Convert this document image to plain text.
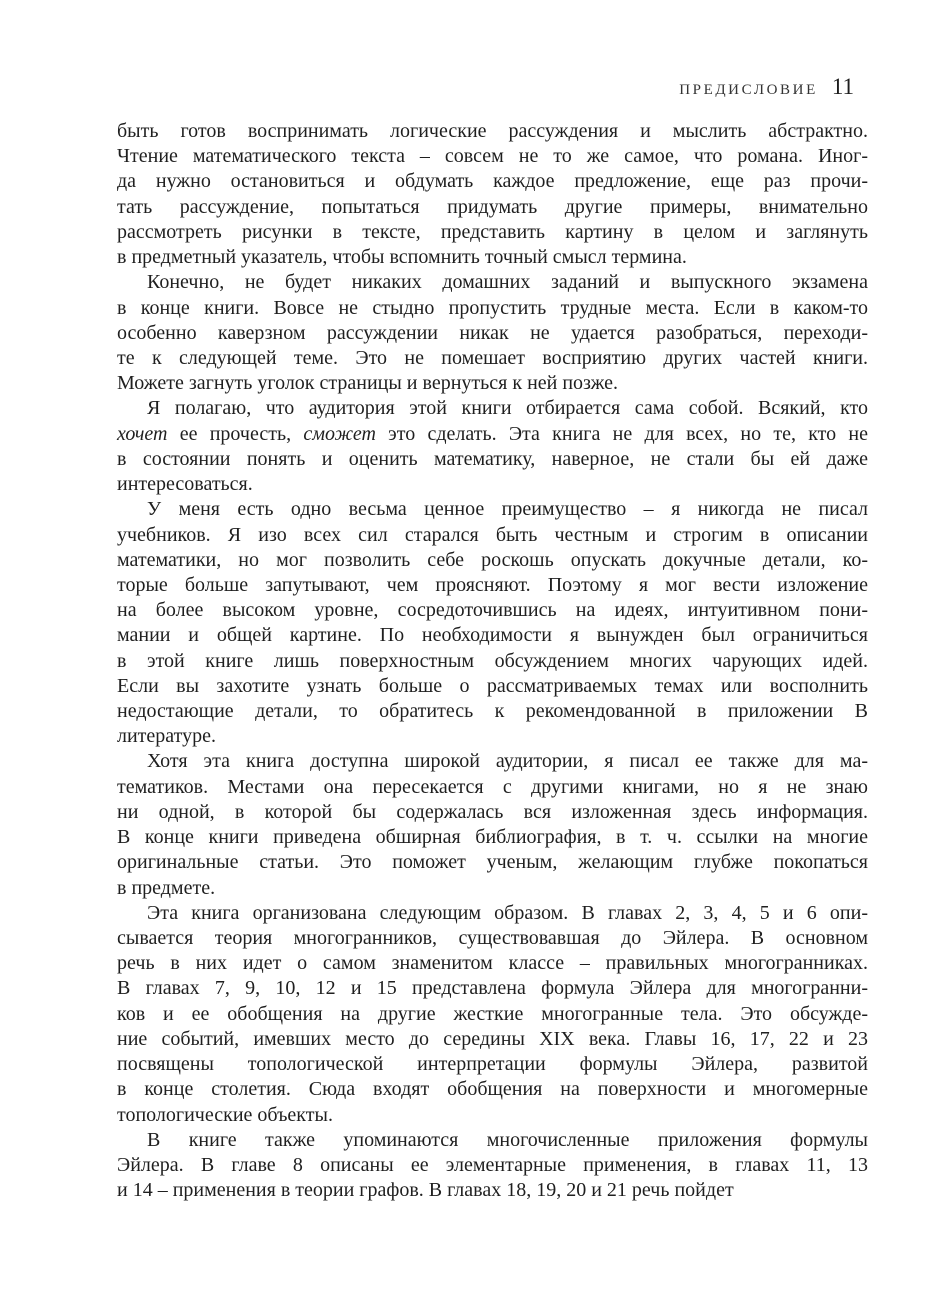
ПРЕДИСЛОВИЕ 11
быть готов воспринимать логические рассуждения и мыслить абстрактно.
Чтение математического текста – совсем не то же самое, что романа. Иног-
да нужно остановиться и обдумать каждое предложение, еще раз прочи-
тать рассуждение, попытаться придумать другие примеры, внимательно
рассмотреть рисунки в тексте, представить картину в целом и заглянуть
в предметный указатель, чтобы вспомнить точный смысл термина.
Конечно, не будет никаких домашних заданий и выпускного экзамена
в конце книги. Вовсе не стыдно пропустить трудные места. Если в каком-то
особенно каверзном рассуждении никак не удается разобраться, переходи-
те к следующей теме. Это не помешает восприятию других частей книги.
Можете загнуть уголок страницы и вернуться к ней позже.
Я полагаю, что аудитория этой книги отбирается сама собой. Всякий, кто
хочет ее прочесть, сможет это сделать. Эта книга не для всех, но те, кто не
в состоянии понять и оценить математику, наверное, не стали бы ей даже
интересоваться.
У меня есть одно весьма ценное преимущество – я никогда не писал
учебников. Я изо всех сил старался быть честным и строгим в описании
математики, но мог позволить себе роскошь опускать докучные детали, ко-
торые больше запутывают, чем проясняют. Поэтому я мог вести изложение
на более высоком уровне, сосредоточившись на идеях, интуитивном пони-
мании и общей картине. По необходимости я вынужден был ограничиться
в этой книге лишь поверхностным обсуждением многих чарующих идей.
Если вы захотите узнать больше о рассматриваемых темах или восполнить
недостающие детали, то обратитесь к рекомендованной в приложении В
литературе.
Хотя эта книга доступна широкой аудитории, я писал ее также для ма-
тематиков. Местами она пересекается с другими книгами, но я не знаю
ни одной, в которой бы содержалась вся изложенная здесь информация.
В конце книги приведена обширная библиография, в т. ч. ссылки на многие
оригинальные статьи. Это поможет ученым, желающим глубже покопаться
в предмете.
Эта книга организована следующим образом. В главах 2, 3, 4, 5 и 6 опи-
сывается теория многогранников, существовавшая до Эйлера. В основном
речь в них идет о самом знаменитом классе – правильных многогранниках.
В главах 7, 9, 10, 12 и 15 представлена формула Эйлера для многогранни-
ков и ее обобщения на другие жесткие многогранные тела. Это обсужде-
ние событий, имевших место до середины XIX века. Главы 16, 17, 22 и 23
посвящены топологической интерпретации формулы Эйлера, развитой
в конце столетия. Сюда входят обобщения на поверхности и многомерные
топологические объекты.
В книге также упоминаются многочисленные приложения формулы
Эйлера. В главе 8 описаны ее элементарные применения, в главах 11, 13
и 14 – применения в теории графов. В главах 18, 19, 20 и 21 речь пойдет
